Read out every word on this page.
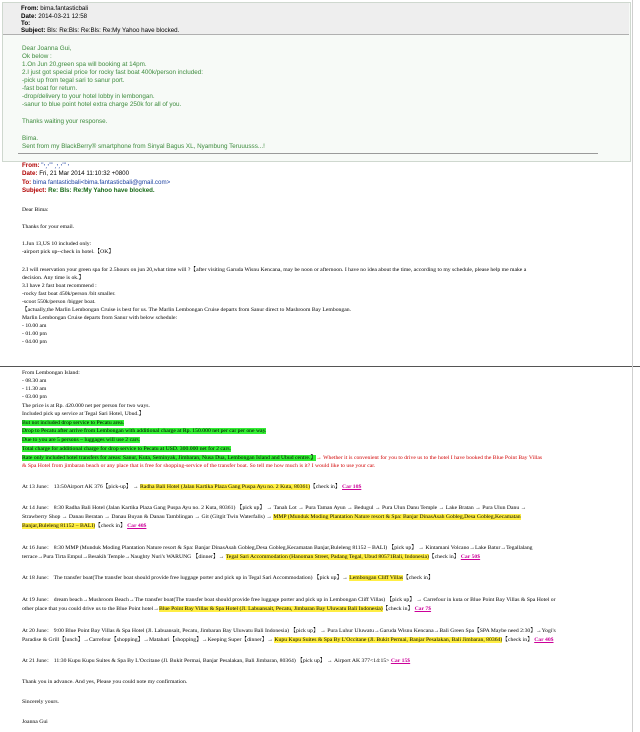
From: bima.fantasticbali
Date: 2014-03-21 12:58
To:
Subject: Bls: Re:Bls: Re:Bls: Re:My Yahoo have blocked.
Dear Joanna Gui,
Ok below :
1.On Jun 20,green spa will booking at 14pm.
2.I just got special price for rocky fast boat 400k/person included:
-pick up from tegal sari to sanur port.
-fast boat for return.
-drop/delivery to your hotel lobby in lembongan.
-sanur to blue point hotel extra charge 250k for all of you.
Thanks waiting your response.
Bima.
Sent from my BlackBerry® smartphone from Sinyal Bagus XL, Nyambung Teruuusss...!
From: "ꞏ¸ꞏ"' ¸ꞏ¸ꞏ'" ꞏ
Date: Fri, 21 Mar 2014 11:10:32 +0800
To: bima fantasticbali<bima.fantasticbali@gmail.com>
Subject: Re: Bls: Re:My Yahoo have blocked.
Dear Bima:
Thanks for your email.
1.Jun 13,US 10 included only:
-airport pick up--check in hotel.【OK】
2.I will reservation your green spa for 2.5hours on jun 20,what time will ?【after visiting Garuda Wisnu Kencana, may be noon or afternoon. I have no idea about the time, according to my schedule, please help me make a
decision. Any time is ok.】
3.I have 2 fast boat recommend :
-rocky fast boat 450k/person /bit smaller.
-scoot 550k/person /bigger boat.
【actually,the Marlin Lembongan Cruise is best for us. The Marlin Lembongan Cruise departs from Sanur direct to Mashroom Bay Lembongan.
Marlin Lembongan Cruise departs from Sanur with below schedule:
- 10.00 am
- 01.00 pm
- 04.00 pm
From Lembongan Island:
- 08.30 am
- 11.30 am
- 03.00 pm
The price is at Rp. 420.000 net per person for two ways.
Included pick up service at Tegal Sari Hotel, Ubud.】
But not included drop service to Pecatu area.
Drop to Pecatu after arrive from Lembongan with additional charge at Rp. 150.000 net per car per one way.
Due to you are 5 persons – luggages will use 2 cars.
Total charge for additional charge for drop service to Pecatu at USD. 300.000 net for 2 cars.
Rate only included hotel transfers for areas: Sanur, Kuta, Seminyak, Jimbaran, Nusa Dua, Lembongan Island and Ubud centre.】→ Whether it is convenient for you to drive us to the hotel I have booked the Blue Point Bay Villas
& Spa Hotel from jimbaran beach or any place that is free for shopping-service of the transfer boat. So tell me how much is it? I would like to use your car.
At 13 June： 13:50Airport AK 376【pick-up】 → Radha Bali Hotel (Jalan Kartika Plaza Gang Puspa Ayu no. 2 Kuta, 80361)【check in】 Car 10$
At 14 June： 8:30 Radha Bali Hotel (Jalan Kartika Plaza Gang Puspa Ayu no. 2 Kuta, 80361) 【pick up】 → Tanah Lot → Pura Taman Ayun → Bedugul → Pura Ulun Danu Temple → Lake Bratan → Pura Ulun Danu →
Strawberry Shop → Danau Beratan → Danau Buyan & Danau Tamblingan → Git (Gitgit Twin Waterfalls) → MMP (Munduk Moding Plantation Nature resort & Spa: Banjar DinasAsah Gobleg,Desa Gobleg,Kecamatan
Banjar,Buleleng 81152 – BALI)【check in】 Car 40$
At 16 June： 8:30 MMP (Munduk Moding Plantation Nature resort & Spa: Banjar DinasAsah Gobleg,Desa Gobleg,Kecamatan Banjar,Buleleng 81152 – BALI) 【pick up】 → Kintamani Volcano→Lake Batur→Tegallalang
terrace→Pura Tirta Empul→Besakih Temple→Naughty Nuri's WARUNG 【dinner】→ Tegal Sari Accommodation (Hanoman Street, Padang Tegal, Ubud 80571Bali, Indonesia)【check in】 Car 50$
At 18 June： The transfer boat(The transfer boat should provide free luggage porter and pick up in Tegal Sari Accommodation) 【pick up】→ Lembongan Cliff Villas【check in】
At 19 June： dream beach→Mushroom Beach→The transfer boat(The transfer boat should provide free luggage porter and pick up in Lembongan Cliff Villas) 【pick up】 → Carrefour in kuta or Blue Point Bay Villas & Spa Hotel or
other place that you could drive us to the Blue Point hotel→Blue Point Bay Villas & Spa Hotel (Jl. Labuansait, Pecatu, Jimbaran Bay Uluwatu Bali Indonesia)【check in】 Car 7$
At 20 June： 9:00 Blue Point Bay Villas & Spa Hotel (Jl. Labuansait, Pecatu, Jimbaran Bay Uluwatu Bali Indonesia) 【pick up】 → Pura Luhur Uluwatu→Garuda Wisnu Kencana→Bali Green Spa【SPA Maybe need 2:30】→Yogi's
Paradise & Grill【lunch】→Carrefour【shopping】→Matahari【shopping】→Keeping Super【dinner】→ Kupu Kupu Suites & Spa By L'Occitane (Jl. Bukit Permai, Banjar Pesalakan, Bali Jimbaran, 80364)【check in】 Car 40$
At 21 June： 11:30 Kupu Kupu Suites & Spa By L'Occitane (Jl. Bukit Permai, Banjar Pesalakan, Bali Jimbaran, 80364) 【pick up】 → Airport AK 377<14:15> Car 15$
Thank you in advance. And yes, Please you could note my confirmation.
Sincerely yours.
Joanna Gui
